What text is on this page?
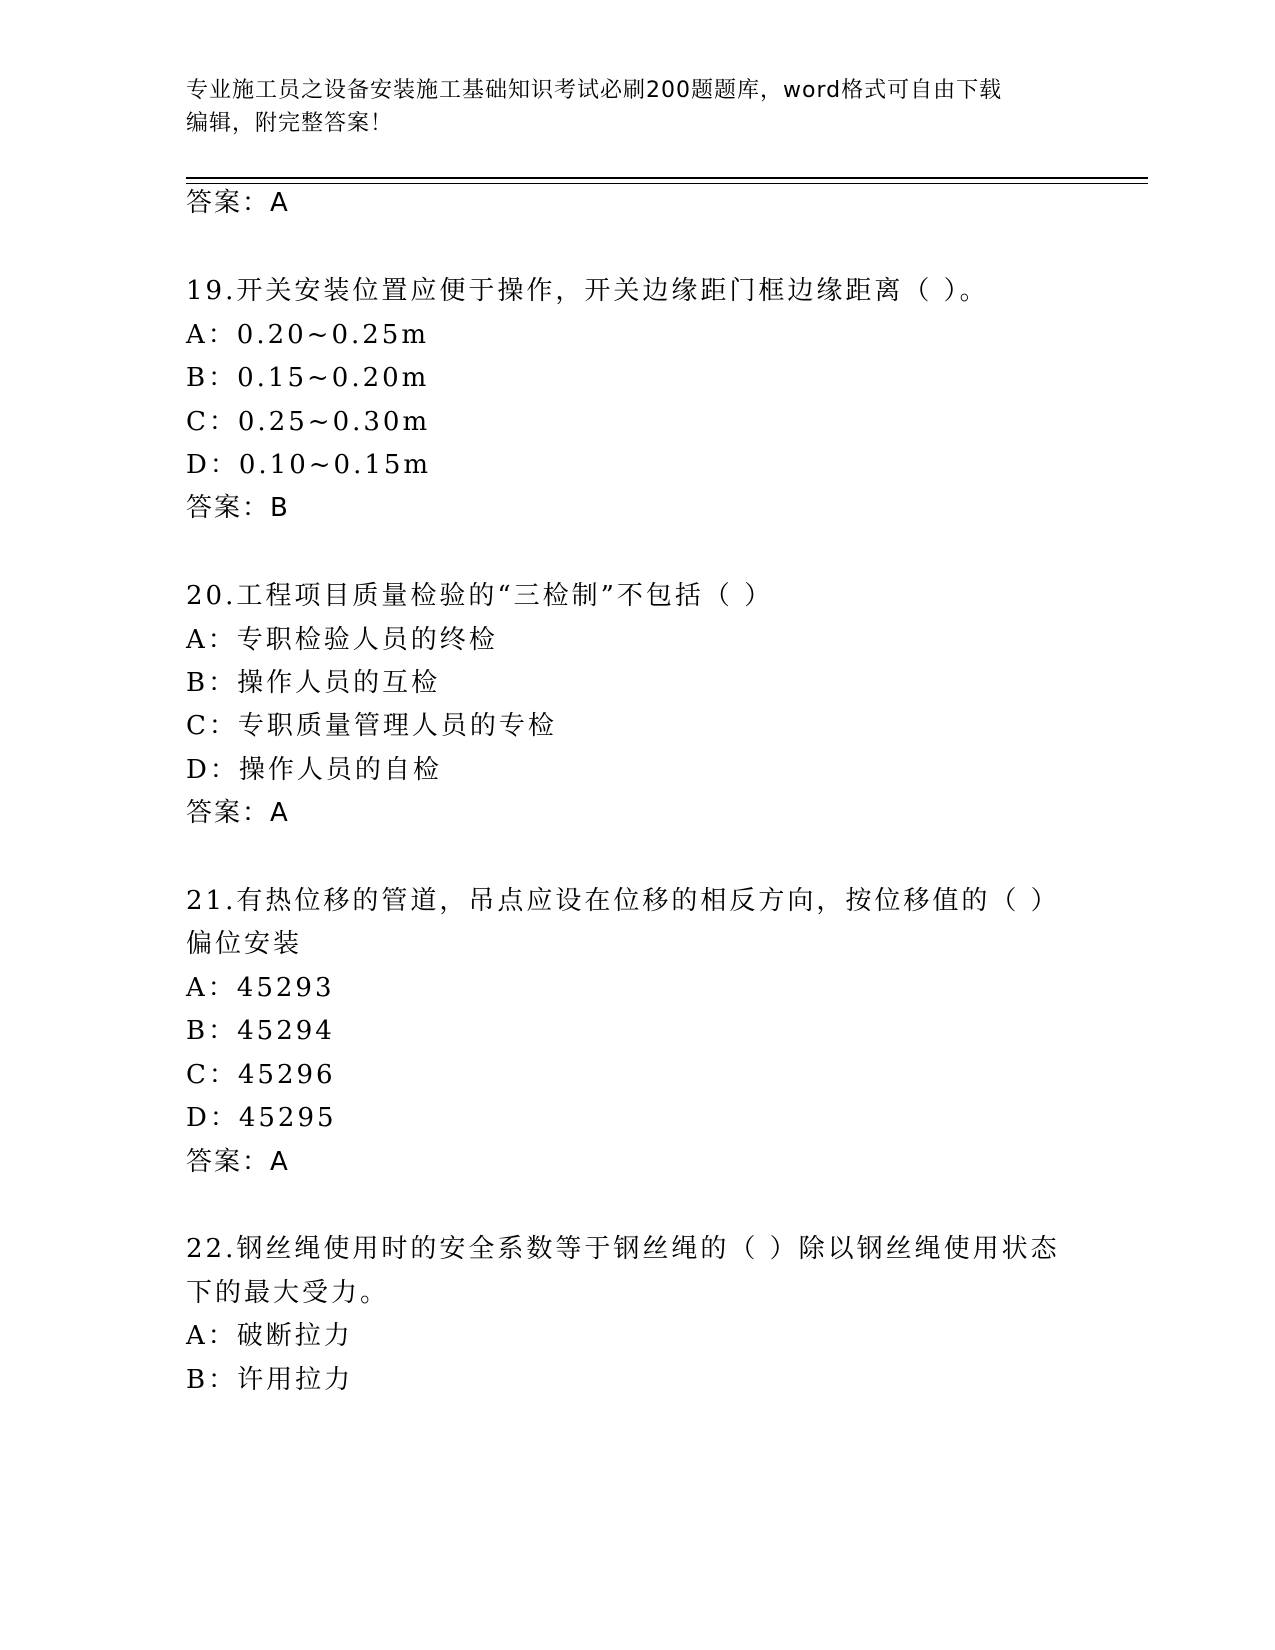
专业施工员之设备安装施工基础知识考试必刷200题题库，word格式可自由下载
编辑，附完整答案！
答案：A
19.开关安装位置应便于操作，开关边缘距门框边缘距离（ ）。
A：0.20~0.25m
B：0.15~0.20m
C：0.25~0.30m
D：0.10~0.15m
答案：B
20.工程项目质量检验的“三检制”不包括（ ）
A：专职检验人员的终检
B：操作人员的互检
C：专职质量管理人员的专检
D：操作人员的自检
答案：A
21.有热位移的管道，吊点应设在位移的相反方向，按位移值的（ ）
偏位安装
A：45293
B：45294
C：45296
D：45295
答案：A
22.钢丝绳使用时的安全系数等于钢丝绳的（ ）除以钢丝绳使用状态
下的最大受力。
A：破断拉力
B：许用拉力
